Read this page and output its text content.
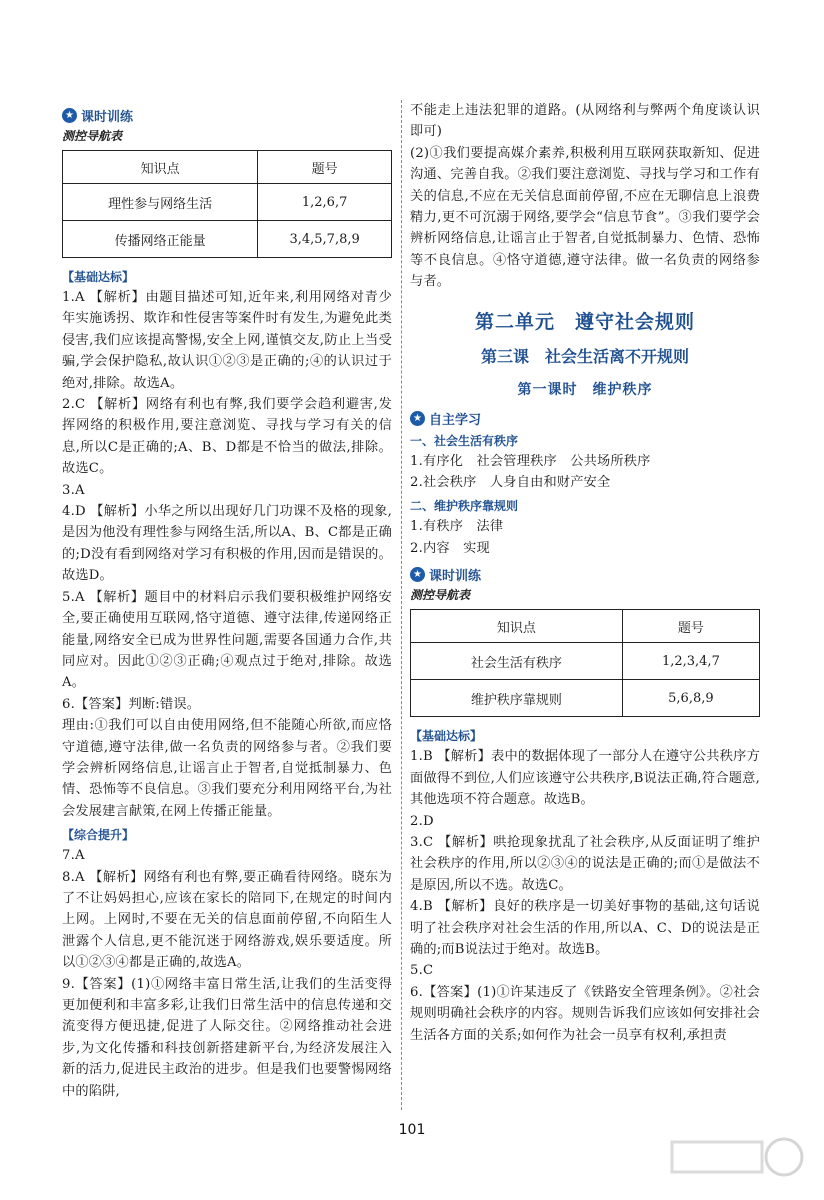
★ 课时训练
测控导航表
知识点	题号
理性参与网络生活	1,2,6,7
传播网络正能量	3,4,5,7,8,9
【基础达标】

1.A 【解析】由题目描述可知,近年来,利用网络对青少年实施诱拐、欺诈和性侵害等案件时有发生,为避免此类侵害,我们应该提高警惕,安全上网,谨慎交友,防止上当受骗,学会保护隐私,故认识①②③是正确的;④的认识过于绝对,排除。故选A。

2.C 【解析】网络有利也有弊,我们要学会趋利避害,发挥网络的积极作用,要注意浏览、寻找与学习有关的信息,所以C是正确的;A、B、D都是不恰当的做法,排除。故选C。

3.A

4.D 【解析】小华之所以出现好几门功课不及格的现象,是因为他没有理性参与网络生活,所以A、B、C都是正确的;D没有看到网络对学习有积极的作用,因而是错误的。故选D。

5.A 【解析】题目中的材料启示我们要积极维护网络安全,要正确使用互联网,恪守道德、遵守法律,传递网络正能量,网络安全已成为世界性问题,需要各国通力合作,共同应对。因此①②③正确;④观点过于绝对,排除。故选A。

6.【答案】判断:错误。

理由:①我们可以自由使用网络,但不能随心所欲,而应恪守道德,遵守法律,做一名负责的网络参与者。②我们要学会辨析网络信息,让谣言止于智者,自觉抵制暴力、色情、恐怖等不良信息。③我们要充分利用网络平台,为社会发展建言献策,在网上传播正能量。

【综合提升】

7.A

8.A 【解析】网络有利也有弊,要正确看待网络。晓东为了不让妈妈担心,应该在家长的陪同下,在规定的时间内上网。上网时,不要在无关的信息面前停留,不向陌生人泄露个人信息,更不能沉迷于网络游戏,娱乐要适度。所以①②③④都是正确的,故选A。

9.【答案】(1)①网络丰富日常生活,让我们的生活变得更加便利和丰富多彩,让我们日常生活中的信息传递和交流变得方便迅捷,促进了人际交往。②网络推动社会进步,为文化传播和科技创新搭建新平台,为经济发展注入新的活力,促进民主政治的进步。但是我们也要警惕网络中的陷阱,

不能走上违法犯罪的道路。(从网络利与弊两个角度谈认识即可)

(2)①我们要提高媒介素养,积极利用互联网获取新知、促进沟通、完善自我。②我们要注意浏览、寻找与学习和工作有关的信息,不应在无关信息面前停留,不应在无聊信息上浪费精力,更不可沉溺于网络,要学会“信息节食”。③我们要学会辨析网络信息,让谣言止于智者,自觉抵制暴力、色情、恐怖等不良信息。④恪守道德,遵守法律。做一名负责的网络参与者。

第二单元　遵守社会规则
第三课　社会生活离不开规则
第一课时　维护秩序
★ 自主学习
一、社会生活有秩序

1.有序化　社会管理秩序　公共场所秩序

2.社会秩序　人身自由和财产安全

二、维护秩序靠规则

1.有秩序　法律

2.内容　实现

★ 课时训练
测控导航表
知识点	题号
社会生活有秩序	1,2,3,4,7
维护秩序靠规则	5,6,8,9
【基础达标】

1.B 【解析】表中的数据体现了一部分人在遵守公共秩序方面做得不到位,人们应该遵守公共秩序,B说法正确,符合题意,其他选项不符合题意。故选B。

2.D

3.C 【解析】哄抢现象扰乱了社会秩序,从反面证明了维护社会秩序的作用,所以②③④的说法是正确的;而①是做法不是原因,所以不选。故选C。

4.B 【解析】良好的秩序是一切美好事物的基础,这句话说明了社会秩序对社会生活的作用,所以A、C、D的说法是正确的;而B说法过于绝对。故选B。

5.C

6.【答案】(1)①许某违反了《铁路安全管理条例》。②社会规则明确社会秩序的内容。规则告诉我们应该如何安排社会生活各方面的关系;如何作为社会一员享有权利,承担责

101
